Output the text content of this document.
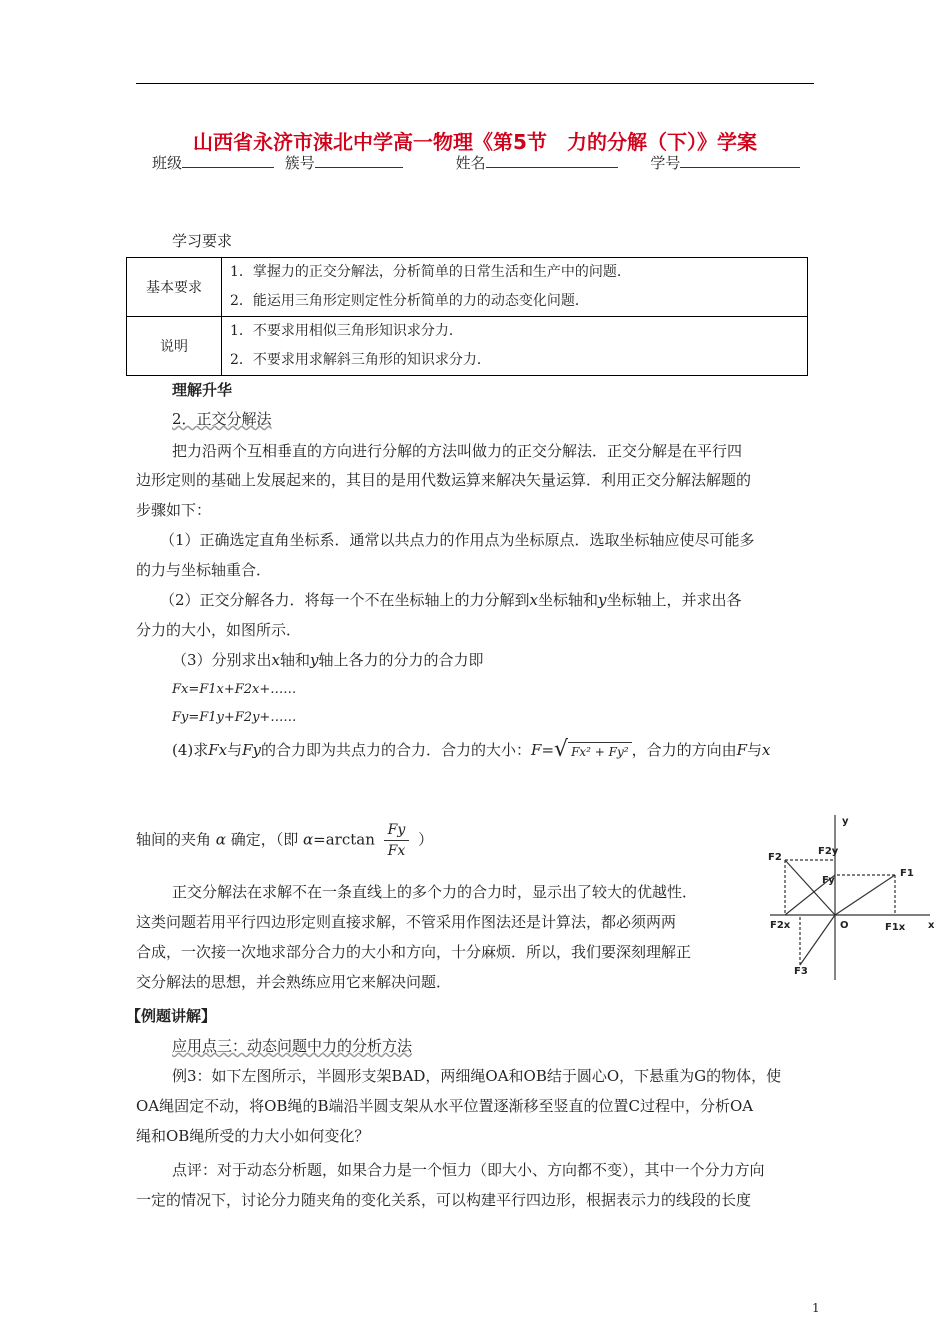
山西省永济市涑北中学高一物理《第5节　力的分解（下）》学案
班级	簇号	姓名	学号
学习要求
基本要求	1．掌握力的正交分解法，分析简单的日常生活和生产中的问题．
2．能运用三角形定则定性分析简单的力的动态变化问题．

说明	1．不要求用相似三角形知识求分力．
2．不要求用求解斜三角形的知识求分力．
理解升华
2．正交分解法
把力沿两个互相垂直的方向进行分解的方法叫做力的正交分解法．正交分解是在平行四
边形定则的基础上发展起来的，其目的是用代数运算来解决矢量运算．利用正交分解法解题的
步骤如下：
（1）正确选定直角坐标系．通常以共点力的作用点为坐标原点．选取坐标轴应使尽可能多
的力与坐标轴重合．
（2）正交分解各力．将每一个不在坐标轴上的力分解到x坐标轴和y坐标轴上，并求出各
分力的大小，如图所示．
（3）分别求出x轴和y轴上各力的分力的合力即
Fx=F1x+F2x+……
Fy=F1y+F2y+……
(4)求Fx与Fy的合力即为共点力的合力．合力的大小：F=√ Fx² + Fy² ，合力的方向由F与x
轴间的夹角 α 确定，（即 $\alpha=\arctan \frac{Fy}{Fx}$ ）
正交分解法在求解不在一条直线上的多个力的合力时，显示出了较大的优越性．
这类问题若用平行四边形定则直接求解，不管采用作图法还是计算法，都必须两两
合成，一次接一次地求部分合力的大小和方向，十分麻烦．所以，我们要深刻理解正
交分解法的思想，并会熟练应用它来解决问题．
y
F2
F2y
F1
Fy
F2x	O	F1x x
F3
【例题讲解】
应用点三：动态问题中力的分析方法
例3：如下左图所示，半圆形支架BAD，两细绳OA和OB结于圆心O，下悬重为G的物体，使
OA绳固定不动，将OB绳的B端沿半圆支架从水平位置逐渐移至竖直的位置C过程中，分析OA
绳和OB绳所受的力大小如何变化？
点评：对于动态分析题，如果合力是一个恒力（即大小、方向都不变），其中一个分力方向
一定的情况下，讨论分力随夹角的变化关系，可以构建平行四边形，根据表示力的线段的长度
1
